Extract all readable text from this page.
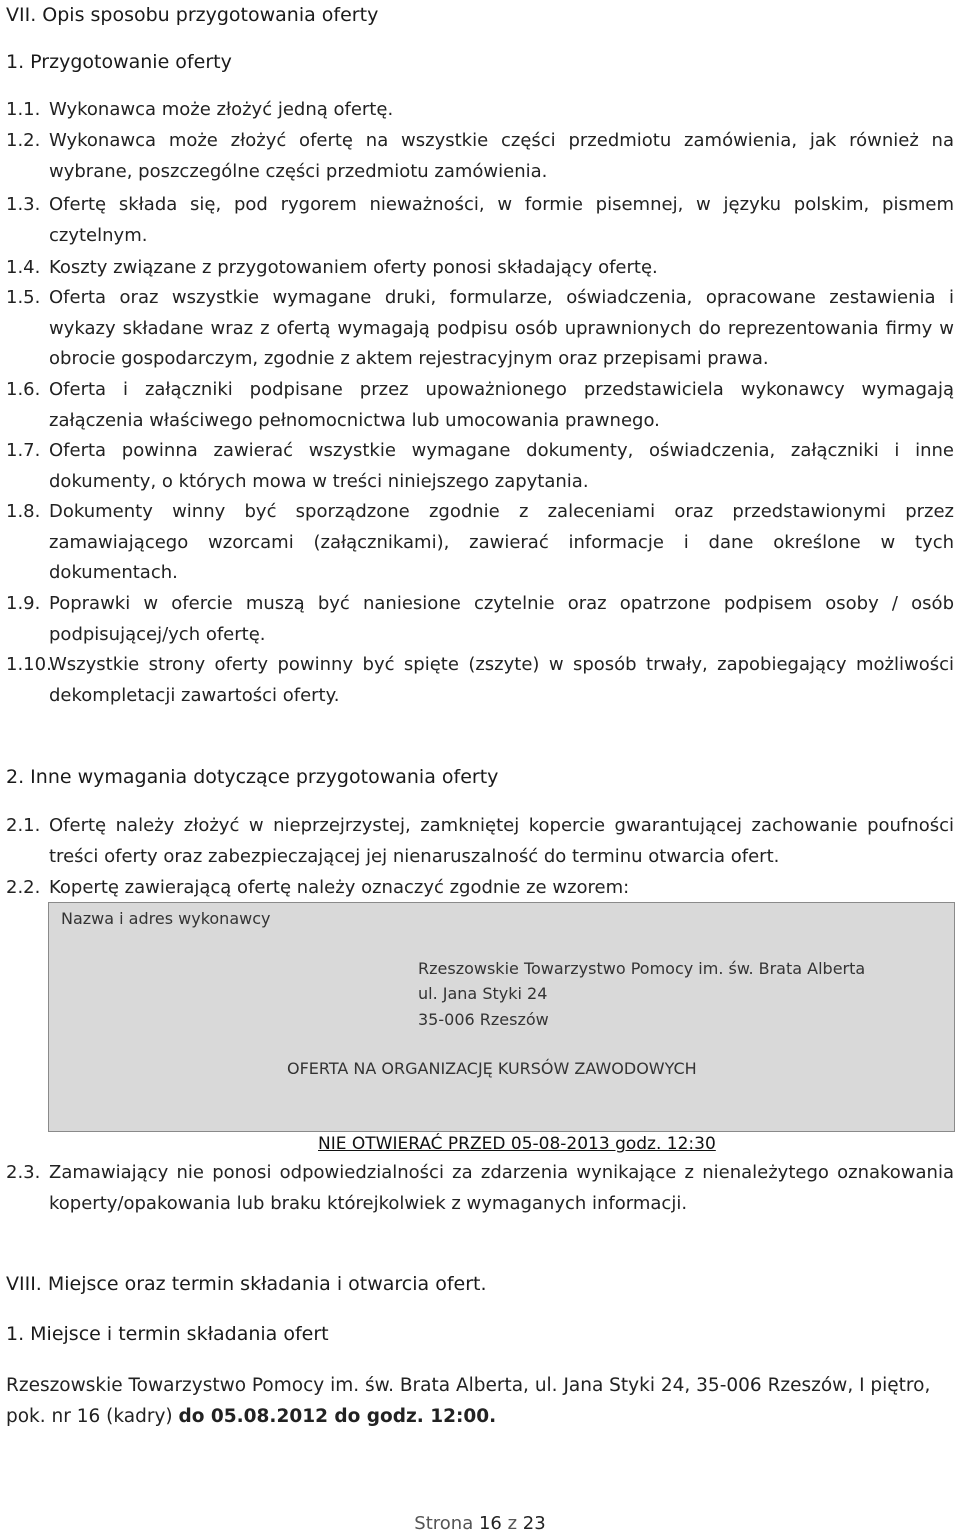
VII. Opis sposobu przygotowania oferty
1. Przygotowanie oferty
1.1. Wykonawca może złożyć jedną ofertę.
1.2. Wykonawca może złożyć ofertę na wszystkie części przedmiotu zamówienia, jak również na wybrane, poszczególne części przedmiotu zamówienia.
1.3. Ofertę składa się, pod rygorem nieważności, w formie pisemnej, w języku polskim, pismem czytelnym.
1.4. Koszty związane z przygotowaniem oferty ponosi składający ofertę.
1.5. Oferta oraz wszystkie wymagane druki, formularze, oświadczenia, opracowane zestawienia i wykazy składane wraz z ofertą wymagają podpisu osób uprawnionych do reprezentowania firmy w obrocie gospodarczym, zgodnie z aktem rejestracyjnym oraz przepisami prawa.
1.6. Oferta i załączniki podpisane przez upoważnionego przedstawiciela wykonawcy wymagają załączenia właściwego pełnomocnictwa lub umocowania prawnego.
1.7. Oferta powinna zawierać wszystkie wymagane dokumenty, oświadczenia, załączniki i inne dokumenty, o których mowa w treści niniejszego zapytania.
1.8. Dokumenty winny być sporządzone zgodnie z zaleceniami oraz przedstawionymi przez zamawiającego wzorcami (załącznikami), zawierać informacje i dane określone w tych dokumentach.
1.9. Poprawki w ofercie muszą być naniesione czytelnie oraz opatrzone podpisem osoby / osób podpisującej/ych ofertę.
1.10.
Wszystkie strony oferty powinny być spięte (zszyte) w sposób trwały, zapobiegający możliwości dekompletacji zawartości oferty.
2. Inne wymagania dotyczące przygotowania oferty
2.1. Ofertę należy złożyć w nieprzejrzystej, zamkniętej kopercie gwarantującej zachowanie poufności treści oferty oraz zabezpieczającej jej nienaruszalność do terminu otwarcia ofert.
2.2. Kopertę zawierającą ofertę należy oznaczyć zgodnie ze wzorem:
Nazwa i adres wykonawcy
Rzeszowskie Towarzystwo Pomocy im. św. Brata Alberta
ul. Jana Styki 24
35-006 Rzeszów
OFERTA NA ORGANIZACJĘ KURSÓW ZAWODOWYCH
NIE OTWIERAĆ PRZED 05-08-2013 godz. 12:30
2.3. Zamawiający nie ponosi odpowiedzialności za zdarzenia wynikające z nienależytego oznakowania koperty/opakowania lub braku którejkolwiek z wymaganych informacji.
VIII. Miejsce oraz termin składania i otwarcia ofert.
1. Miejsce i termin składania ofert
Rzeszowskie Towarzystwo Pomocy im. św. Brata Alberta, ul. Jana Styki 24, 35-006 Rzeszów, I piętro, pok. nr 16 (kadry) do 05.08.2012 do godz. 12:00.
Strona 16 z 23
